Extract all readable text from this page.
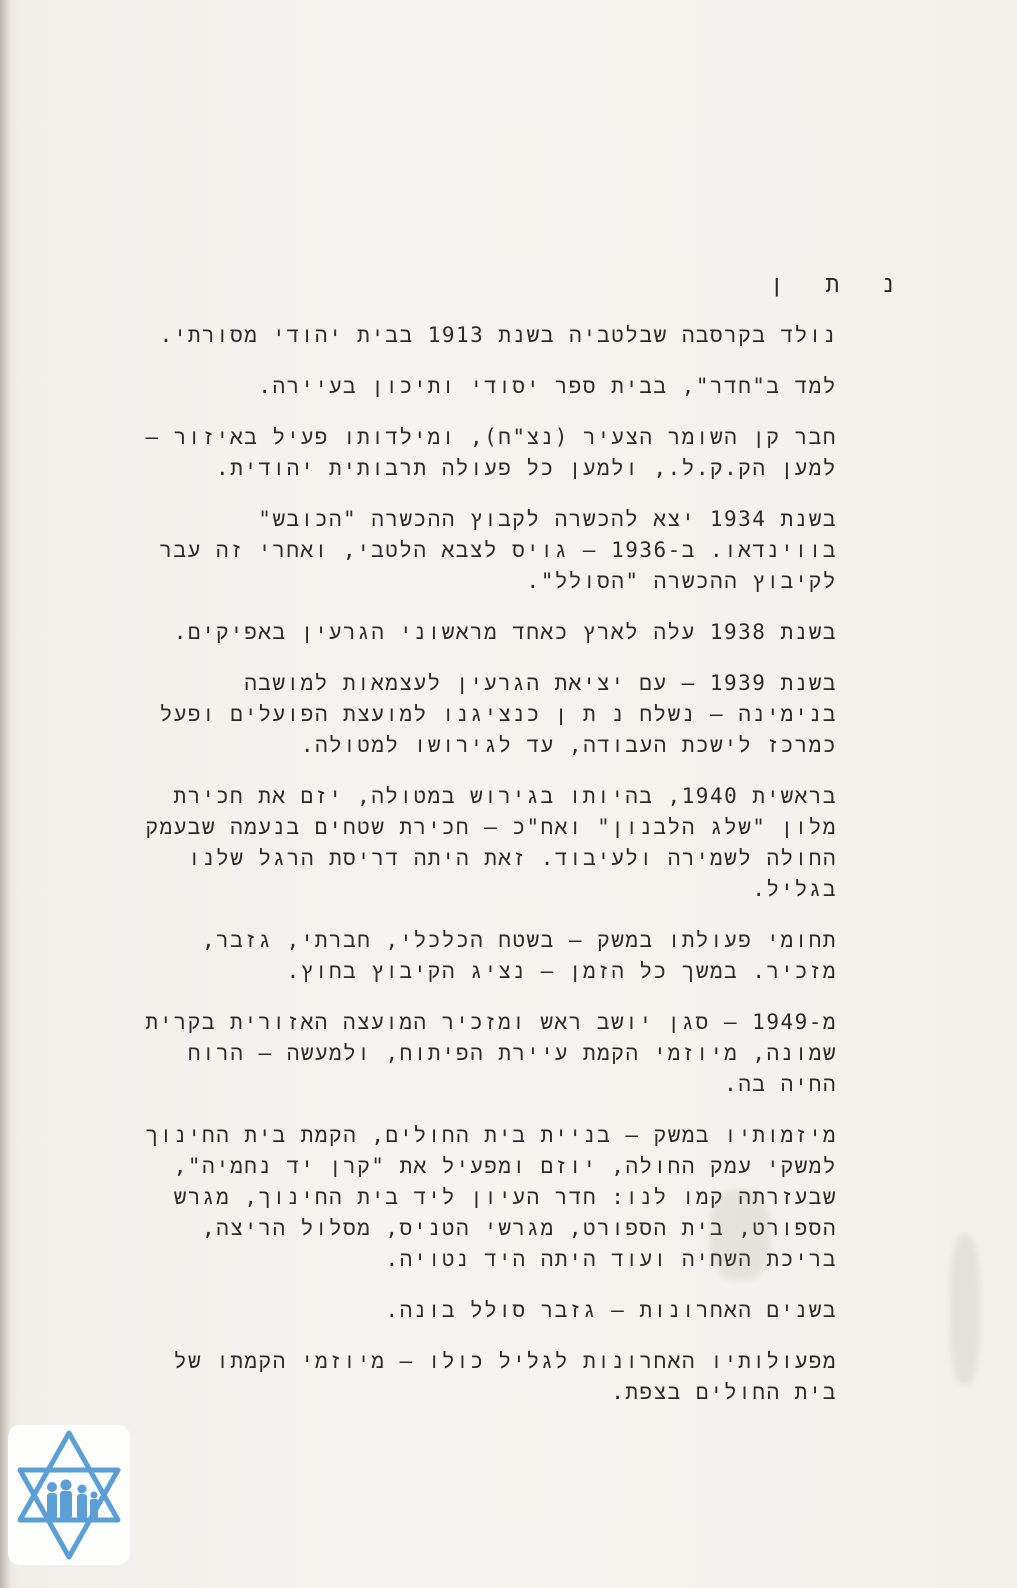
נ ת ן

נולד בקרסבה שבלטביה בשנת 1913 בבית יהודי מסורתי.

למד ב"חדר", בבית ספר יסודי ותיכון בעיירה.

חבר קן השומר הצעיר (נצ"ח), ומילדותו פעיל באיזור – למען הק.ק.ל., ולמען כל פעולה תרבותית יהודית.

בשנת 1934 יצא להכשרה לקבוץ ההכשרה "הכובש" בווינדאו. ב-1936 – גויס לצבא הלטבי, ואחרי זה עבר לקיבוץ ההכשרה "הסולל".

בשנת 1938 עלה לארץ כאחד מראשוני הגרעין באפיקים.

בשנת 1939 – עם יציאת הגרעין לעצמאות למושבה בנימינה – נשלח נ ת ן כנציגנו למועצת הפועלים ופעל כמרכז לישכת העבודה, עד לגירושו למטולה.

בראשית 1940, בהיותו בגירוש במטולה, יזם את חכירת מלון "שלג הלבנון" ואח"כ – חכירת שטחים בנעמה שבעמק החולה לשמירה ולעיבוד. זאת היתה דריסת הרגל שלנו בגליל.

תחומי פעולתו במשק – בשטח הכלכלי, חברתי, גזבר, מזכיר. במשך כל הזמן – נציג הקיבוץ בחוץ.

מ-1949 – סגן יושב ראש ומזכיר המועצה האזורית בקרית שמונה, מיוזמי הקמת עיירת הפיתוח, ולמעשה – הרוח החיה בה.

מיזמותיו במשק – בניית בית החולים, הקמת בית החינוך למשקי עמק החולה, יוזם ומפעיל את "קרן יד נחמיה", שבעזרתה קמו לנו: חדר העיון ליד בית החינוך, מגרש הספורט, בית הספורט, מגרשי הטניס, מסלול הריצה, בריכת השחיה ועוד היתה היד נטויה.

בשנים האחרונות – גזבר סולל בונה.

מפעולותיו האחרונות לגליל כולו – מיוזמי הקמתו של בית החולים בצפת.
